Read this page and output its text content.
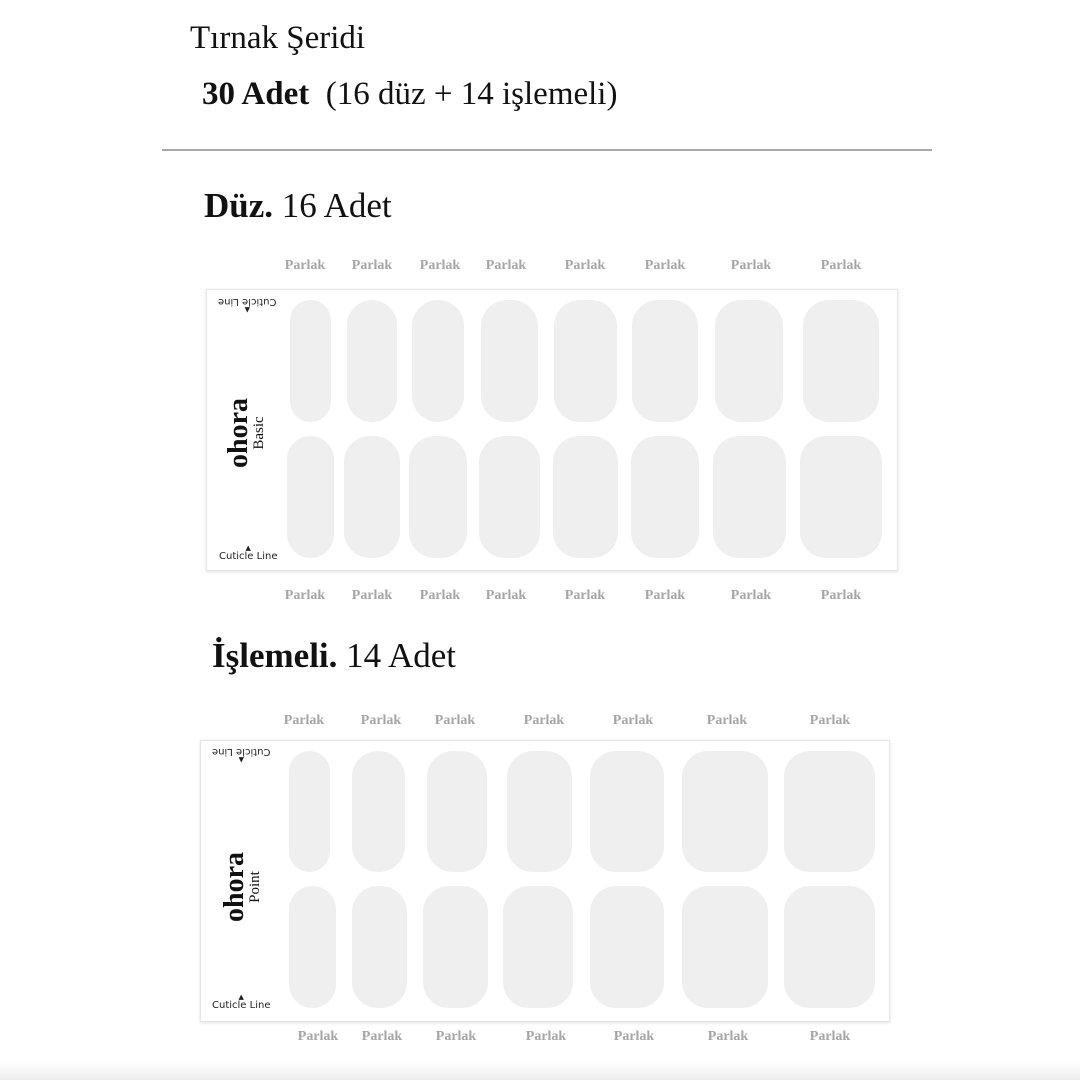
Tırnak Şeridi
30 Adet (16 düz + 14 işlemeli)
Düz. 16 Adet
İşlemeli. 14 Adet
Parlak Parlak Parlak Parlak	Parlak	Parlak	Parlak	Parlak
Parlak Parlak Parlak Parlak	Parlak	Parlak	Parlak	Parlak
ohora
Basic
▲
Cuticle Line
▲
Cuticle Line
Parlak	Parlak Parlak	Parlak	Parlak	Parlak	Parlak
Parlak Parlak Parlak	Parlak	Parlak	Parlak	Parlak
ohora
Point
▲
Cuticle Line
▲
Cuticle Line
